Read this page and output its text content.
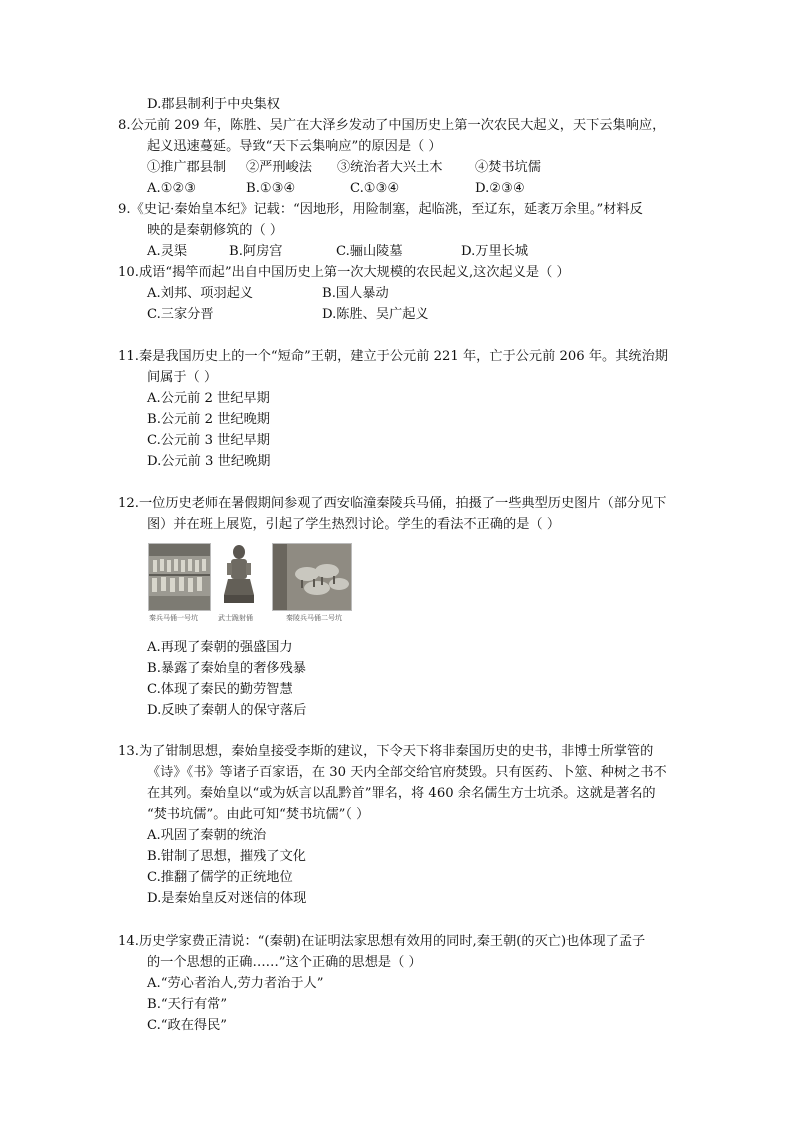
D.郡县制利于中央集权
8.公元前 209 年，陈胜、吴广在大泽乡发动了中国历史上第一次农民大起义，天下云集响应，
起义迅速蔓延。导致“天下云集响应”的原因是（ ）
①推广郡县制 ②严刑峻法 ③统治者大兴土木 ④焚书坑儒
A.①②③	B.①③④	C.①③④	D.②③④
9.《史记·秦始皇本纪》记载：“因地形，用险制塞，起临洮，至辽东，延袤万余里。”材料反
映的是秦朝修筑的（ ）
A.灵渠	B.阿房宫	C.骊山陵墓	D.万里长城
10.成语“揭竿而起”出自中国历史上第一次大规模的农民起义,这次起义是（ ）
A.刘邦、项羽起义	B.国人暴动
C.三家分晋	D.陈胜、吴广起义
11.秦是我国历史上的一个“短命”王朝，建立于公元前 221 年，亡于公元前 206 年。其统治期
间属于（ ）
A.公元前 2 世纪早期
B.公元前 2 世纪晚期
C.公元前 3 世纪早期
D.公元前 3 世纪晚期
12.一位历史老师在暑假期间参观了西安临潼秦陵兵马俑，拍摄了一些典型历史图片（部分见下
图）并在班上展览，引起了学生热烈讨论。学生的看法不正确的是（ ）
秦兵马俑一号坑	武士跪射俑	秦陵兵马俑二号坑
A.再现了秦朝的强盛国力
B.暴露了秦始皇的奢侈残暴
C.体现了秦民的勤劳智慧
D.反映了秦朝人的保守落后
13.为了钳制思想，秦始皇接受李斯的建议，下令天下将非秦国历史的史书，非博士所掌管的
《诗》《书》等诸子百家语，在 30 天内全部交给官府焚毁。只有医药、卜筮、种树之书不
在其列。秦始皇以“或为妖言以乱黔首”罪名，将 460 余名儒生方士坑杀。这就是著名的
“焚书坑儒”。由此可知“焚书坑儒”（ ）
A.巩固了秦朝的统治
B.钳制了思想，摧残了文化
C.推翻了儒学的正统地位
D.是秦始皇反对迷信的体现
14.历史学家费正清说：“(秦朝)在证明法家思想有效用的同时,秦王朝(的灭亡)也体现了孟子
的一个思想的正确……”这个正确的思想是（ ）
A.“劳心者治人,劳力者治于人”
B.“天行有常”
C.“政在得民”
